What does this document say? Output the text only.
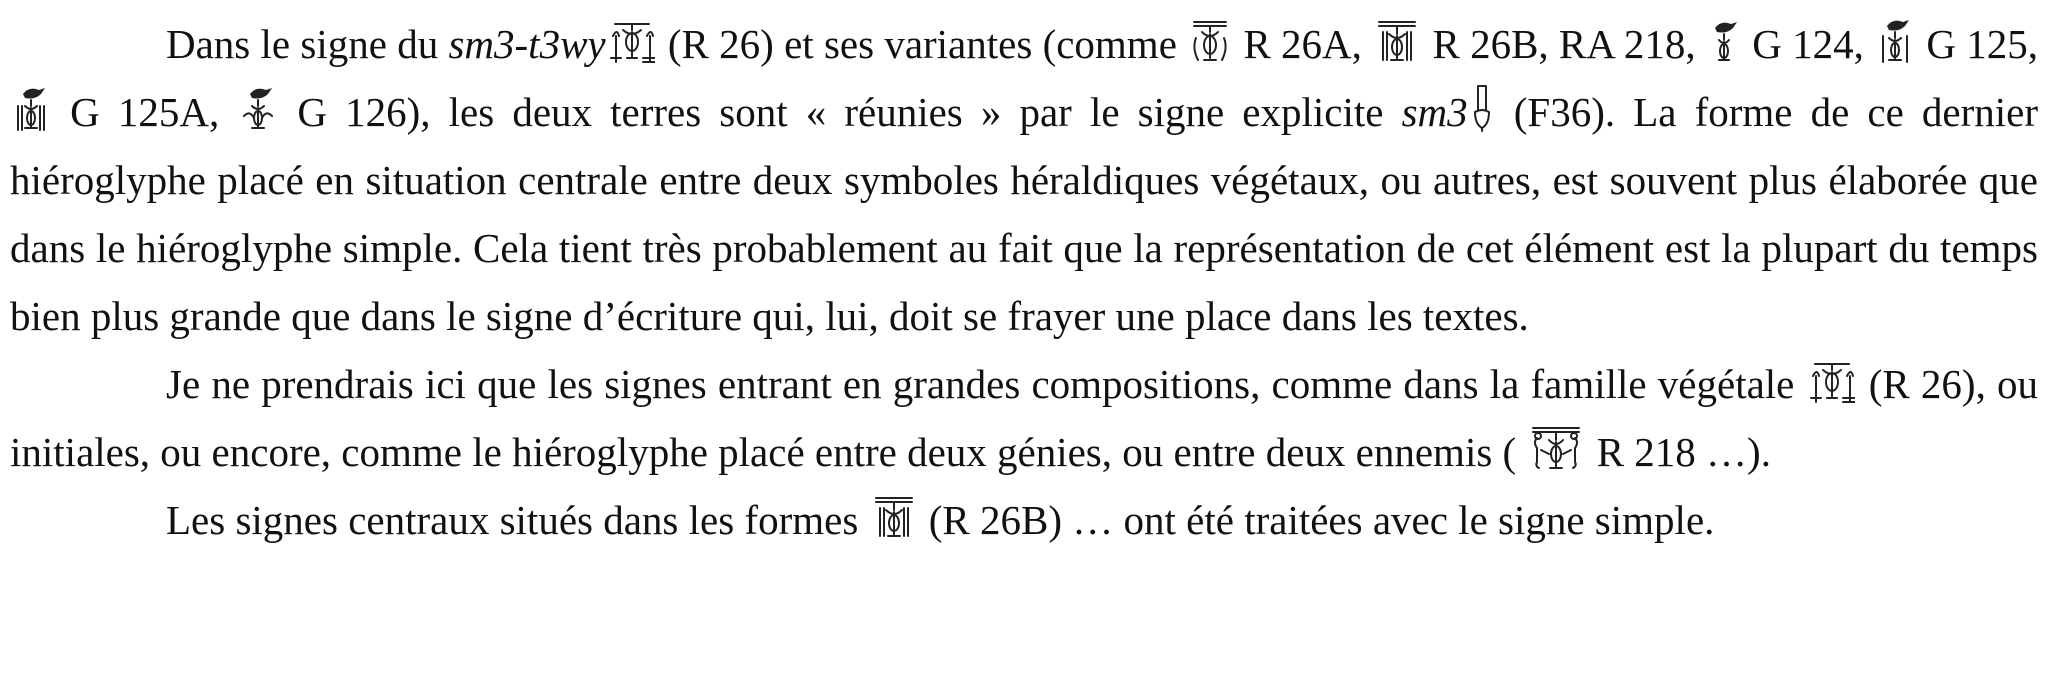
Dans le signe du sm3-t3wy
(R 26) et ses variantes (comme
R 26A,
R 26B, RA 218,
G 124,
G 125,
G 125A,
G 126), les deux terres sont « réunies » par le signe explicite sm3
(F36). La forme de ce dernier hiéroglyphe placé en situation centrale entre deux symboles héraldiques végétaux, ou autres, est souvent plus élaborée que dans le hiéroglyphe simple. Cela tient très probablement au fait que la représentation de cet élément est la plupart du temps bien plus grande que dans le signe d’écriture qui, lui, doit se frayer une place dans les textes.

Je ne prendrais ici que les signes entrant en grandes compositions, comme dans la famille végétale
(R 26), ou initiales, ou encore, comme le hiéroglyphe placé entre deux génies, ou entre deux ennemis (
R 218 …).

Les signes centraux situés dans les formes
(R 26B) … ont été traitées avec le signe simple.
